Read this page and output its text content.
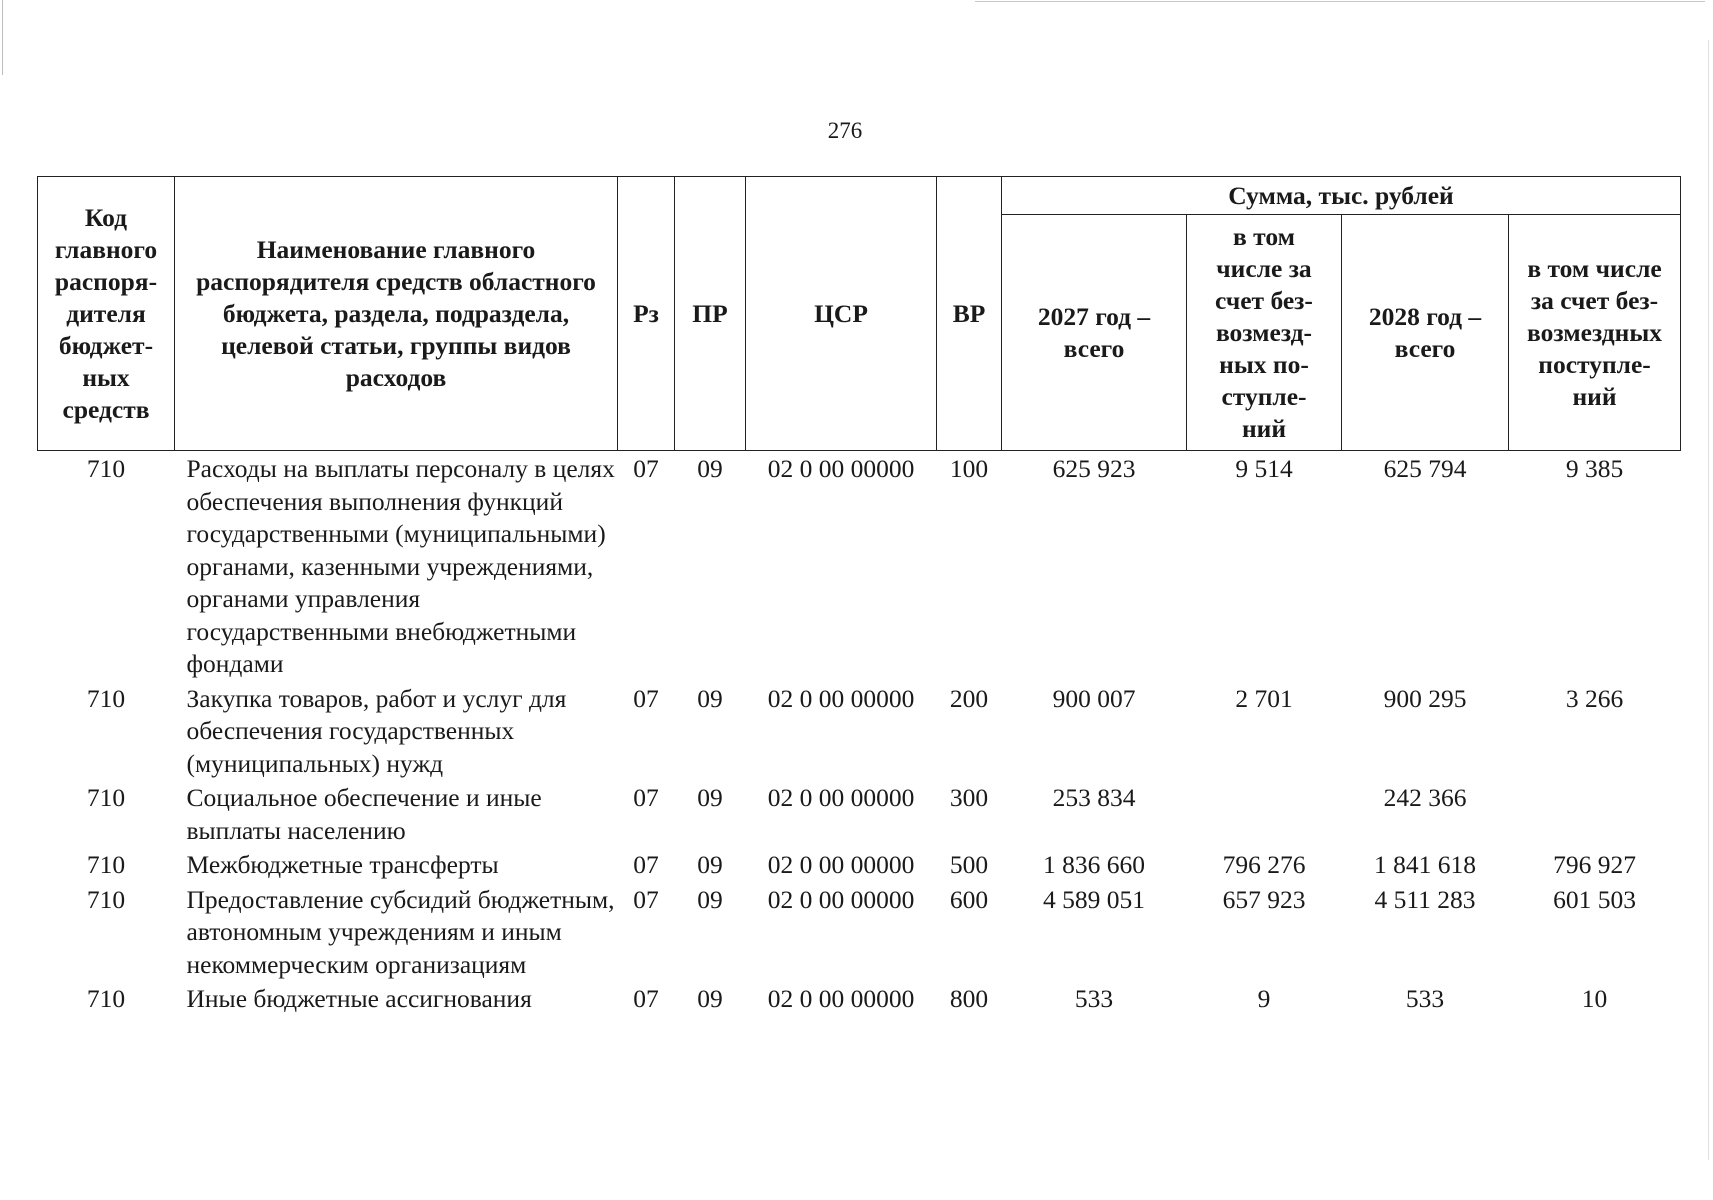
276
Код главного распоря-дителя бюджет-ных средств	Наименование главного распорядителя средств областного бюджета, раздела, подраздела, целевой статьи, группы видов расходов	Рз	ПР	ЦСР	ВР	Сумма, тыс. рублей			
						2027 год – всего	в том числе за счет без-возмезд-ных по-ступле-ний	2028 год – всего	в том числе за счет без-возмездных поступле-ний
710	Расходы на выплаты персоналу в целях обеспечения выполнения функций государственными (муниципальными) органами, казенными учреждениями, органами управления государственными внебюджетными фондами	07	09	02 0 00 00000	100	625 923	9 514	625 794	9 385
710	Закупка товаров, работ и услуг для обеспечения государственных (муниципальных) нужд	07	09	02 0 00 00000	200	900 007	2 701	900 295	3 266
710	Социальное обеспечение и иные выплаты населению	07	09	02 0 00 00000	300	253 834		242 366	
710	Межбюджетные трансферты	07	09	02 0 00 00000	500	1 836 660	796 276	1 841 618	796 927
710	Предоставление субсидий бюджетным, автономным учреждениям и иным некоммерческим организациям	07	09	02 0 00 00000	600	4 589 051	657 923	4 511 283	601 503
710	Иные бюджетные ассигнования	07	09	02 0 00 00000	800	533	9	533	10
